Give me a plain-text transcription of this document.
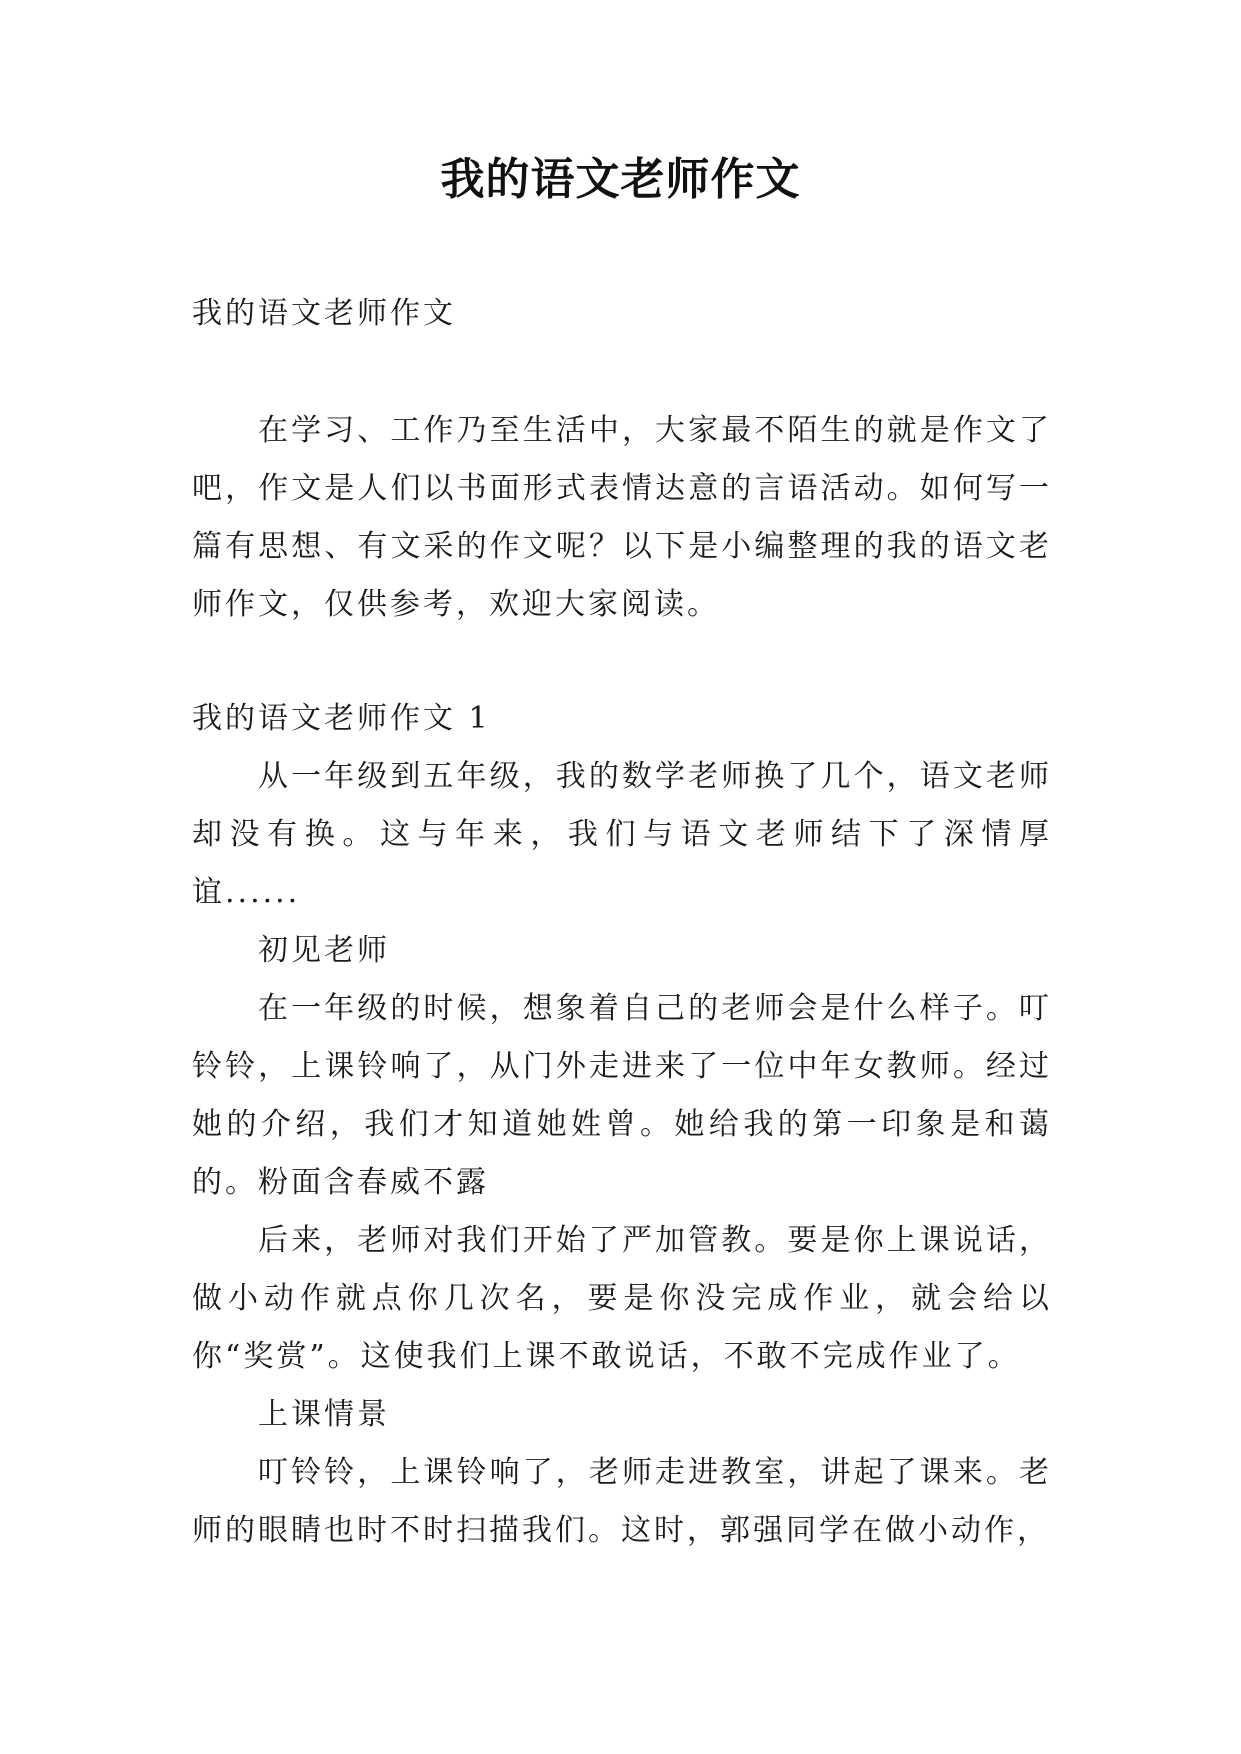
我的语文老师作文

我的语文老师作文

在学习、工作乃至生活中，大家最不陌生的就是作文了吧，作文是人们以书面形式表情达意的言语活动。如何写一篇有思想、有文采的作文呢？以下是小编整理的我的语文老师作文，仅供参考，欢迎大家阅读。

我的语文老师作文 1

从一年级到五年级，我的数学老师换了几个，语文老师却没有换。这与年来，我们与语文老师结下了深情厚谊......

初见老师

在一年级的时候，想象着自己的老师会是什么样子。叮铃铃，上课铃响了，从门外走进来了一位中年女教师。经过她的介绍，我们才知道她姓曾。她给我的第一印象是和蔼的。 粉面含春威不露

后来，老师对我们开始了严加管教。要是你上课说话，做小动作就点你几次名，要是你没完成作业，就会给以你“奖赏”。这使我们上课不敢说话，不敢不完成作业了。

上课情景

叮铃铃，上课铃响了，老师走进教室，讲起了课来。老师的眼睛也时不时扫描我们。这时，郭强同学在做小动作，
